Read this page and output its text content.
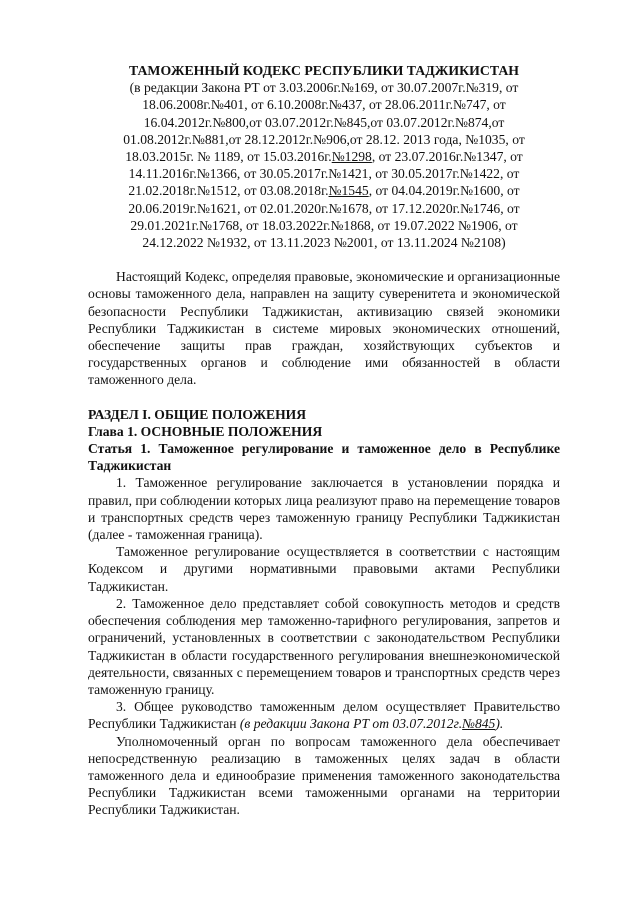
ТАМОЖЕННЫЙ КОДЕКС РЕСПУБЛИКИ ТАДЖИКИСТАН
(в редакции Закона РТ от 3.03.2006г.№169, от 30.07.2007г.№319, от
18.06.2008г.№401, от 6.10.2008г.№437, от 28.06.2011г.№747, от
16.04.2012г.№800,от 03.07.2012г.№845,от 03.07.2012г.№874,от
01.08.2012г.№881,от 28.12.2012г.№906,от 28.12. 2013 года, №1035, от
18.03.2015г. № 1189, от 15.03.2016г.№1298, от 23.07.2016г.№1347, от
14.11.2016г.№1366, от 30.05.2017г.№1421, от 30.05.2017г.№1422, от
21.02.2018г.№1512, от 03.08.2018г.№1545, от 04.04.2019г.№1600, от
20.06.2019г.№1621, от 02.01.2020г.№1678, от 17.12.2020г.№1746, от
29.01.2021г.№1768, от 18.03.2022г.№1868, от 19.07.2022 №1906, от
24.12.2022 №1932, от 13.11.2023 №2001, от 13.11.2024 №2108)

Настоящий Кодекс, определяя правовые, экономические и организационные основы таможенного дела, направлен на защиту суверенитета и экономической безопасности Республики Таджикистан, активизацию связей экономики Республики Таджикистан в системе мировых экономических отношений, обеспечение защиты прав граждан, хозяйствующих субъектов и государственных органов и соблюдение ими обязанностей в области таможенного дела.

РАЗДЕЛ I. ОБЩИЕ ПОЛОЖЕНИЯ

Глава 1. ОСНОВНЫЕ ПОЛОЖЕНИЯ

Статья 1. Таможенное регулирование и таможенное дело в Республике Таджикистан

1. Таможенное регулирование заключается в установлении порядка и правил, при соблюдении которых лица реализуют право на перемещение товаров и транспортных средств через таможенную границу Республики Таджикистан (далее - таможенная граница).

Таможенное регулирование осуществляется в соответствии с настоящим Кодексом и другими нормативными правовыми актами Республики Таджикистан.

2. Таможенное дело представляет собой совокупность методов и средств обеспечения соблюдения мер таможенно-тарифного регулирования, запретов и ограничений, установленных в соответствии с законодательством Республики Таджикистан в области государственного регулирования внешнеэкономической деятельности, связанных с перемещением товаров и транспортных средств через таможенную границу.

3. Общее руководство таможенным делом осуществляет Правительство Республики Таджикистан (в редакции Закона РТ от 03.07.2012г.№845).

Уполномоченный орган по вопросам таможенного дела обеспечивает непосредственную реализацию в таможенных целях задач в области таможенного дела и единообразие применения таможенного законодательства Республики Таджикистан всеми таможенными органами на территории Республики Таджикистан.
